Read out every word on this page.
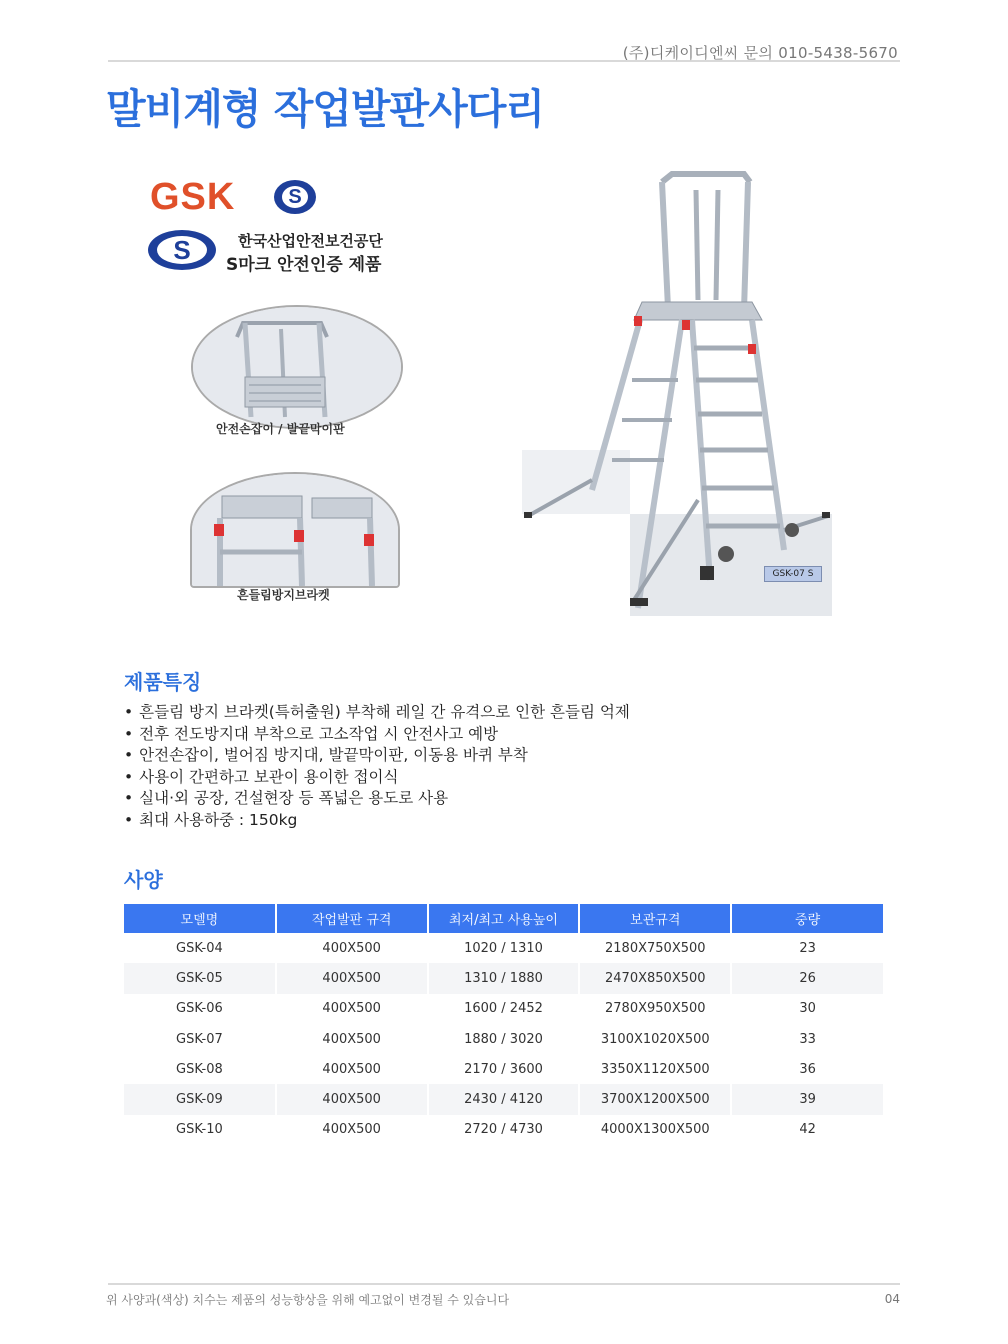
(주)디케이디엔씨 문의 010-5438-5670
말비계형 작업발판사다리
GSK	S
S	한국산업안전보건공단
S마크 안전인증 제품
안전손잡이 / 발끝막이판
흔들림방지브라켓
GSK-07 S
제품특징
• 흔들림 방지 브라켓(특허출원) 부착해 레일 간 유격으로 인한 흔들림 억제
• 전후 전도방지대 부착으로 고소작업 시 안전사고 예방
• 안전손잡이, 벌어짐 방지대, 발끝막이판, 이동용 바퀴 부착
• 사용이 간편하고 보관이 용이한 접이식
• 실내·외 공장, 건설현장 등 폭넓은 용도로 사용
• 최대 사용하중 : 150kg
사양
모델명	작업발판 규격	최저/최고 사용높이	보관규격	중량
GSK-04	400X500	1020 / 1310	2180X750X500	23
GSK-05	400X500	1310 / 1880	2470X850X500	26
GSK-06	400X500	1600 / 2452	2780X950X500	30
GSK-07	400X500	1880 / 3020	3100X1020X500	33
GSK-08	400X500	2170 / 3600	3350X1120X500	36
GSK-09	400X500	2430 / 4120	3700X1200X500	39
GSK-10	400X500	2720 / 4730	4000X1300X500	42
위 사양과(색상) 치수는 제품의 성능향상을 위해 예고없이 변경될 수 있습니다	04
